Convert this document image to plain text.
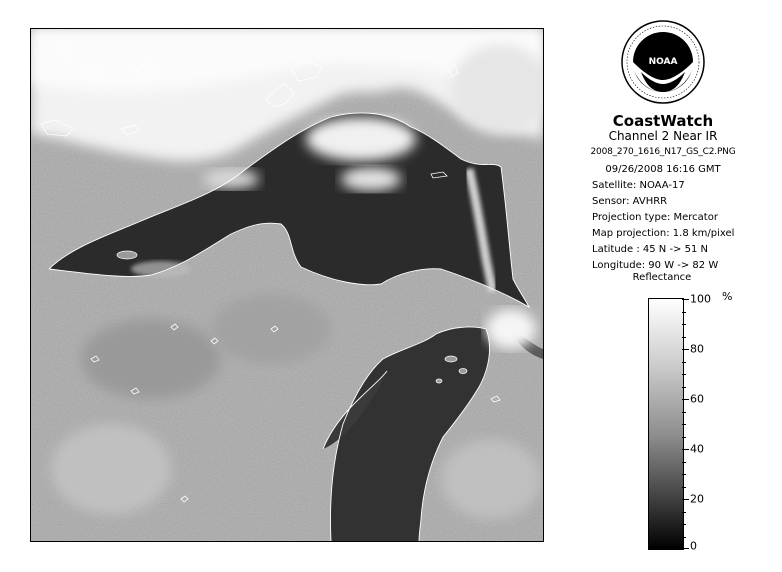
NOAA
CoastWatch
Channel 2 Near IR
2008_270_1616_N17_GS_C2.PNG
09/26/2008 16:16 GMT
Satellite: NOAA-17
Sensor: AVHRR
Projection type: Mercator
Map projection: 1.8 km/pixel
Latitude : 45 N -> 51 N
Longitude: 90 W -> 82 W
Reflectance
%
100
80
60
40
20
0
